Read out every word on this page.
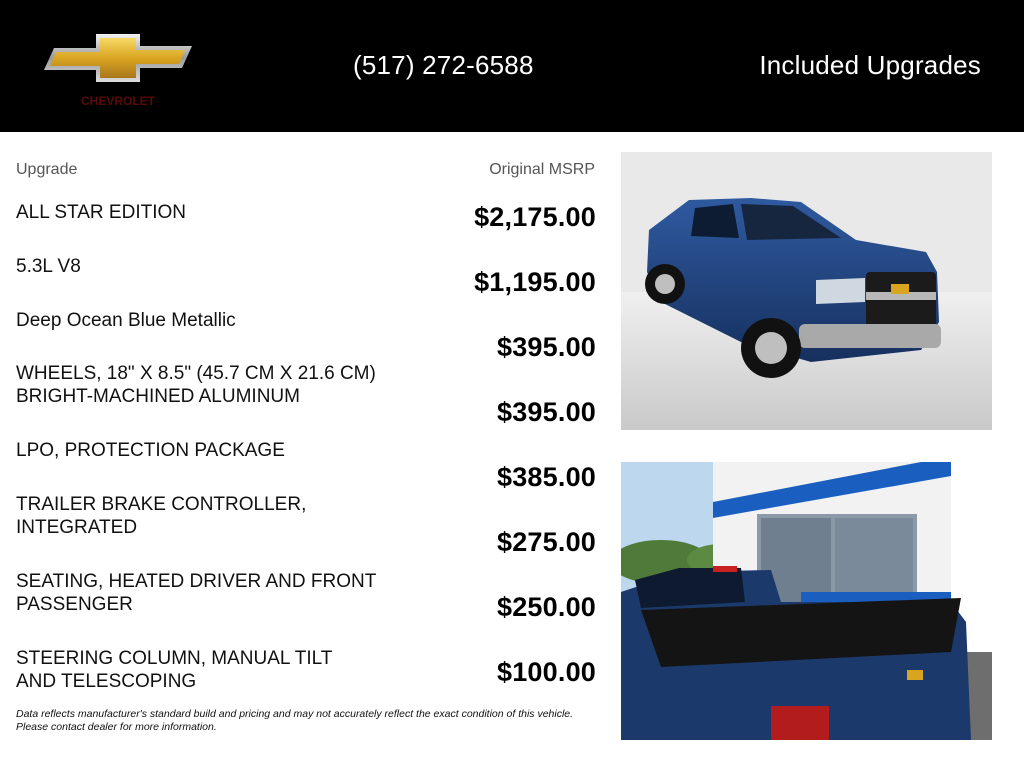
CHEVROLET
(517) 272-6588	Included Upgrades
Upgrade	Original MSRP
ALL STAR EDITION
5.3L V8
Deep Ocean Blue Metallic
WHEELS, 18" X 8.5" (45.7 CM X 21.6 CM) BRIGHT-MACHINED ALUMINUM
LPO, PROTECTION PACKAGE
TRAILER BRAKE CONTROLLER, INTEGRATED
SEATING, HEATED DRIVER AND FRONT PASSENGER
STEERING COLUMN, MANUAL TILT AND TELESCOPING
$2,175.00
$1,195.00
$395.00
$395.00
$385.00
$275.00
$250.00
$100.00
Data reflects manufacturer's standard build and pricing and may not accurately reflect the exact condition of this vehicle. Please contact dealer for more information.
